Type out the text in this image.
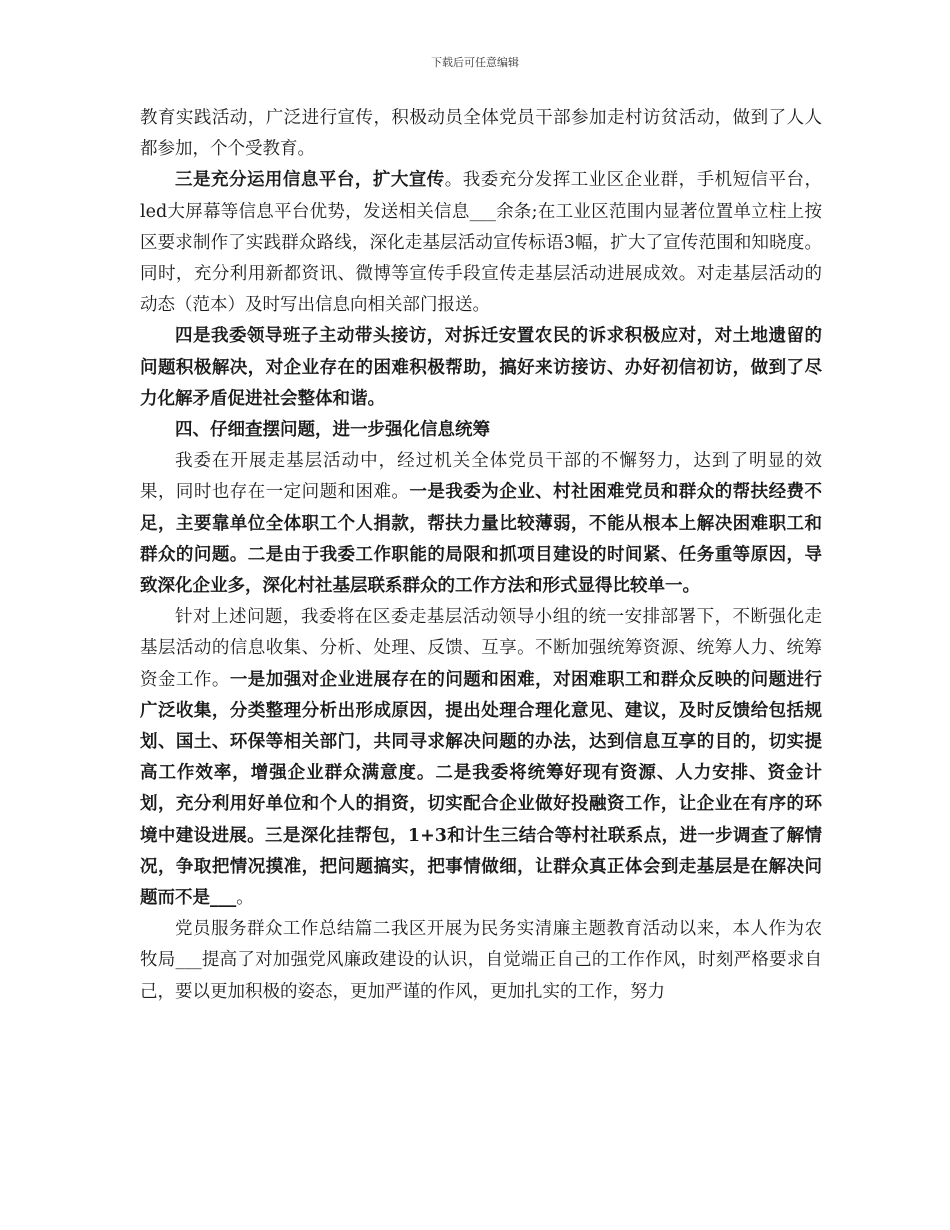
下载后可任意编辑

教育实践活动，广泛进行宣传，积极动员全体党员干部参加走村访贫活动，做到了人人都参加，个个受教育。

三是充分运用信息平台，扩大宣传。我委充分发挥工业区企业群，手机短信平台，led大屏幕等信息平台优势，发送相关信息___余条;在工业区范围内显著位置单立柱上按区要求制作了实践群众路线，深化走基层活动宣传标语3幅，扩大了宣传范围和知晓度。同时，充分利用新都资讯、微博等宣传手段宣传走基层活动进展成效。对走基层活动的动态（范本）及时写出信息向相关部门报送。

四是我委领导班子主动带头接访，对拆迁安置农民的诉求积极应对，对土地遗留的问题积极解决，对企业存在的困难积极帮助，搞好来访接访、办好初信初访，做到了尽力化解矛盾促进社会整体和谐。

四、仔细查摆问题，进一步强化信息统筹

我委在开展走基层活动中，经过机关全体党员干部的不懈努力，达到了明显的效果，同时也存在一定问题和困难。一是我委为企业、村社困难党员和群众的帮扶经费不足，主要靠单位全体职工个人捐款，帮扶力量比较薄弱，不能从根本上解决困难职工和群众的问题。二是由于我委工作职能的局限和抓项目建设的时间紧、任务重等原因，导致深化企业多，深化村社基层联系群众的工作方法和形式显得比较单一。

针对上述问题，我委将在区委走基层活动领导小组的统一安排部署下，不断强化走基层活动的信息收集、分析、处理、反馈、互享。不断加强统筹资源、统筹人力、统筹资金工作。一是加强对企业进展存在的问题和困难，对困难职工和群众反映的问题进行广泛收集，分类整理分析出形成原因，提出处理合理化意见、建议，及时反馈给包括规划、国土、环保等相关部门，共同寻求解决问题的办法，达到信息互享的目的，切实提高工作效率，增强企业群众满意度。二是我委将统筹好现有资源、人力安排、资金计划，充分利用好单位和个人的捐资，切实配合企业做好投融资工作，让企业在有序的环境中建设进展。三是深化挂帮包，1+3和计生三结合等村社联系点，进一步调查了解情况，争取把情况摸准，把问题搞实，把事情做细，让群众真正体会到走基层是在解决问题而不是___。

党员服务群众工作总结篇二我区开展为民务实清廉主题教育活动以来，本人作为农牧局___提高了对加强党风廉政建设的认识，自觉端正自己的工作作风，时刻严格要求自己，要以更加积极的姿态，更加严谨的作风，更加扎实的工作，努力
